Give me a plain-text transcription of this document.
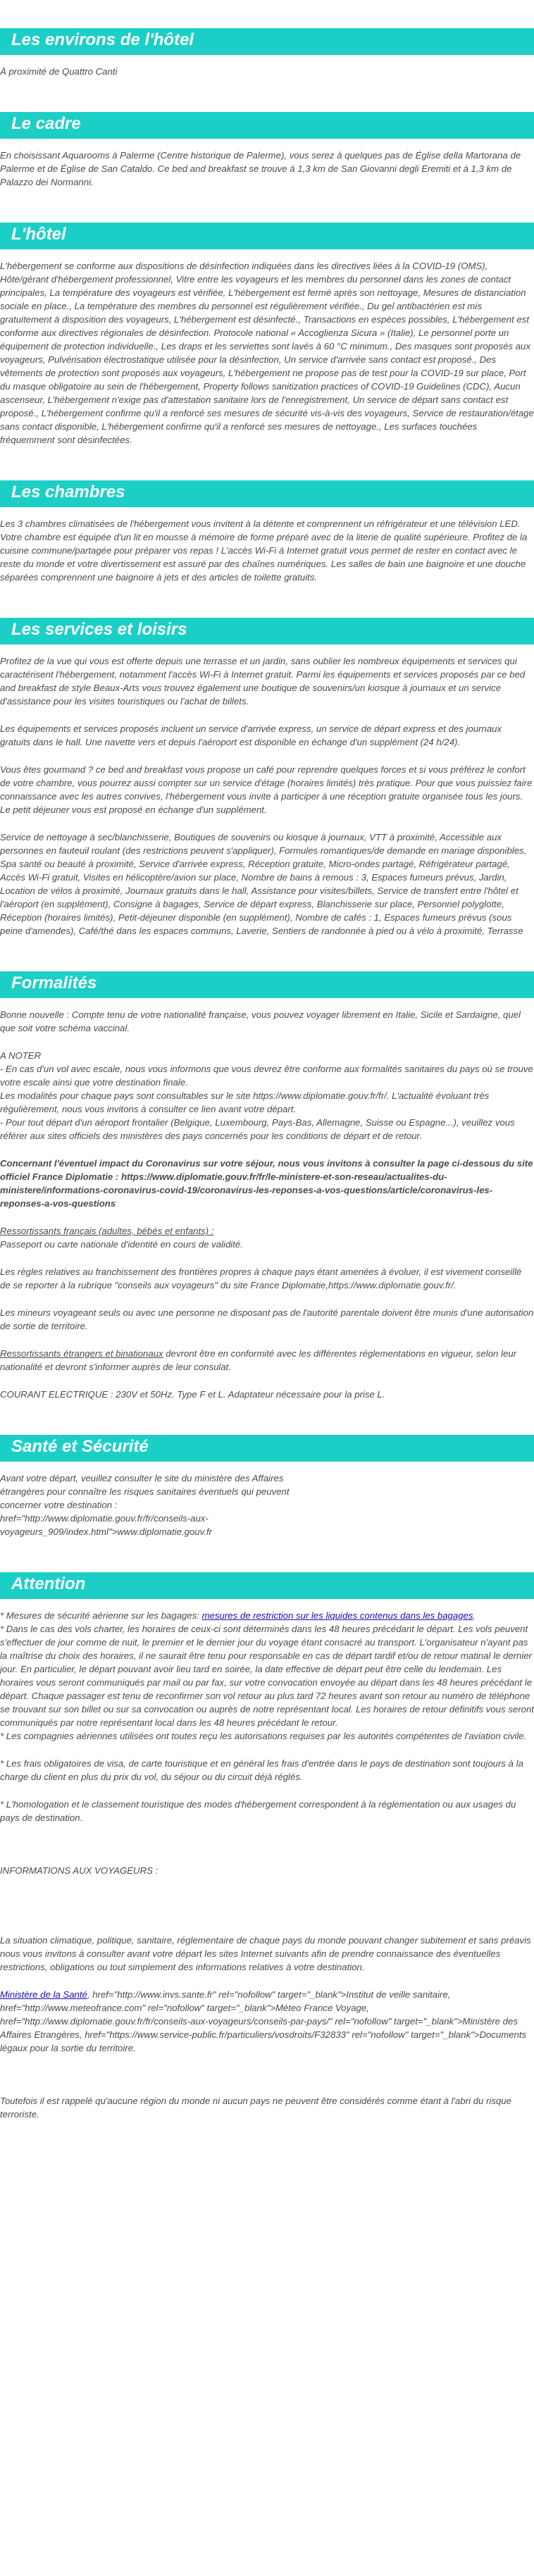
Les environs de l'hôtel

À proximité de Quattro Canti

Le cadre

En choisissant Aquarooms à Palerme (Centre historique de Palerme), vous serez à quelques pas de Église della Martorana de Palerme et de Église de San Cataldo. Ce bed and breakfast se trouve à 1,3 km de San Giovanni degli Eremiti et à 1,3 km de Palazzo dei Normanni.

L'hôtel

L'hébergement se conforme aux dispositions de désinfection indiquées dans les directives liées à la COVID-19 (OMS), Hôte/gérant d'hébergement professionnel, Vitre entre les voyageurs et les membres du personnel dans les zones de contact principales, La température des voyageurs est vérifiée, L'hébergement est fermé après son nettoyage, Mesures de distanciation sociale en place., La température des membres du personnel est régulièrement vérifiée., Du gel antibactérien est mis gratuitement à disposition des voyageurs, L'hébergement est désinfecté., Transactions en espèces possibles, L'hébergement est conforme aux directives régionales de désinfection. Protocole national « Accoglienza Sicura » (Italie), Le personnel porte un équipement de protection individuelle., Les draps et les serviettes sont lavés à 60 °C minimum., Des masques sont proposés aux voyageurs, Pulvérisation électrostatique utilisée pour la désinfection, Un service d'arrivée sans contact est proposé., Des vêtements de protection sont proposés aux voyageurs, L'hébergement ne propose pas de test pour la COVID-19 sur place, Port du masque obligatoire au sein de l'hébergement, Property follows sanitization practices of COVID-19 Guidelines (CDC), Aucun ascenseur, L'hébergement n'exige pas d'attestation sanitaire lors de l'enregistrement, Un service de départ sans contact est proposé., L'hébergement confirme qu'il a renforcé ses mesures de sécurité vis-à-vis des voyageurs, Service de restauration/étage sans contact disponible, L'hébergement confirme qu'il a renforcé ses mesures de nettoyage., Les surfaces touchées fréquemment sont désinfectées.

Les chambres

Les 3 chambres climatisées de l'hébergement vous invitent à la détente et comprennent un réfrigérateur et une télévision LED. Votre chambre est équipée d'un lit en mousse à mémoire de forme préparé avec de la literie de qualité supérieure. Profitez de la cuisine commune/partagée pour préparer vos repas ! L'accès Wi-Fi à Internet gratuit vous permet de rester en contact avec le reste du monde et votre divertissement est assuré par des chaînes numériques. Les salles de bain une baignoire et une douche séparées comprennent une baignoire à jets et des articles de toilette gratuits.

Les services et loisirs

Profitez de la vue qui vous est offerte depuis une terrasse et un jardin, sans oublier les nombreux équipements et services qui caractérisent l'hébergement, notamment l'accès Wi-Fi à Internet gratuit. Parmi les équipements et services proposés par ce bed and breakfast de style Beaux-Arts vous trouvez également une boutique de souvenirs/un kiosque à journaux et un service d'assistance pour les visites touristiques ou l'achat de billets.

Les équipements et services proposés incluent un service d'arrivée express, un service de départ express et des journaux gratuits dans le hall. Une navette vers et depuis l'aéroport est disponible en échange d'un supplément (24 h/24).

Vous êtes gourmand ? ce bed and breakfast vous propose un café pour reprendre quelques forces et si vous préférez le confort de votre chambre, vous pourrez aussi compter sur un service d'étage (horaires limités) très pratique. Pour que vous puissiez faire connaissance avec les autres convives, l'hébergement vous invite à participer à une réception gratuite organisée tous les jours. Le petit déjeuner vous est proposé en échange d'un supplément.

Service de nettoyage à sec/blanchisserie, Boutiques de souvenirs ou kiosque à journaux, VTT à proximité, Accessible aux personnes en fauteuil roulant (des restrictions peuvent s'appliquer), Formules romantiques/de demande en mariage disponibles, Spa santé ou beauté à proximité, Service d'arrivée express, Réception gratuite, Micro-ondes partagé, Réfrigérateur partagé, Accès Wi-Fi gratuit, Visites en hélicoptère/avion sur place, Nombre de bains à remous : 3, Espaces fumeurs prévus, Jardin, Location de vélos à proximité, Journaux gratuits dans le hall, Assistance pour visites/billets, Service de transfert entre l'hôtel et l'aéroport (en supplément), Consigne à bagages, Service de départ express, Blanchisserie sur place, Personnel polyglotte, Réception (horaires limités), Petit-déjeuner disponible (en supplément), Nombre de cafés : 1, Espaces fumeurs prévus (sous peine d'amendes), Café/thé dans les espaces communs, Laverie, Sentiers de randonnée à pied ou à vélo à proximité, Terrasse

Formalités

Bonne nouvelle : Compte tenu de votre nationalité française, vous pouvez voyager librement en Italie, Sicile et Sardaigne, quel que soit votre schéma vaccinal.

A NOTER

- En cas d'un vol avec escale, nous vous informons que vous devrez être conforme aux formalités sanitaires du pays où se trouve votre escale ainsi que votre destination finale.

Les modalités pour chaque pays sont consultables sur le site https://www.diplomatie.gouv.fr/fr/. L'actualité évoluant très régulièrement, nous vous invitons à consulter ce lien avant votre départ.

- Pour tout départ d'un aéroport frontalier (Belgique, Luxembourg, Pays-Bas, Allemagne, Suisse ou Espagne...), veuillez vous référer aux sites officiels des ministères des pays concernés pour les conditions de départ et de retour.

Concernant l'éventuel impact du Coronavirus sur votre séjour, nous vous invitons à consulter la page ci-dessous du site officiel France Diplomatie : https://www.diplomatie.gouv.fr/fr/le-ministere-et-son-reseau/actualites-du-ministere/informations-coronavirus-covid-19/coronavirus-les-reponses-a-vos-questions/article/coronavirus-les-reponses-a-vos-questions

Ressortissants français (adultes, bébés et enfants) :
Passeport ou carte nationale d'identité en cours de validité.

Les règles relatives au franchissement des frontières propres à chaque pays étant amenées à évoluer, il est vivement conseillé de se reporter à la rubrique "conseils aux voyageurs" du site France Diplomatie,https://www.diplomatie.gouv.fr/.

Les mineurs voyageant seuls ou avec une personne ne disposant pas de l'autorité parentale doivent être munis d'une autorisation de sortie de territoire.

Ressortissants étrangers et binationaux devront être en conformité avec les différentes réglementations en vigueur, selon leur nationalité et devront s'informer auprès de leur consulat.

COURANT ELECTRIQUE : 230V et 50Hz. Type F et L. Adaptateur nécessaire pour la prise L.

Santé et Sécurité

Avant votre départ, veuillez consulter le site du ministère des Affaires étrangères pour connaître les risques sanitaires éventuels qui peuvent concerner votre destination : href="http://www.diplomatie.gouv.fr/fr/conseils-aux-voyageurs_909/index.html">www.diplomatie.gouv.fr

Attention

* Mesures de sécurité aérienne sur les bagages: mesures de restriction sur les liquides contenus dans les bagages.

* Dans le cas des vols charter, les horaires de ceux-ci sont déterminés dans les 48 heures précédant le départ. Les vols peuvent s'effectuer de jour comme de nuit, le premier et le dernier jour du voyage étant consacré au transport. L'organisateur n'ayant pas la maîtrise du choix des horaires, il ne saurait être tenu pour responsable en cas de départ tardif et/ou de retour matinal le dernier jour. En particulier, le départ pouvant avoir lieu tard en soirée, la date effective de départ peut être celle du lendemain. Les horaires vous seront communiqués par mail ou par fax, sur votre convocation envoyée au départ dans les 48 heures précédant le départ. Chaque passager est tenu de reconfirmer son vol retour au plus tard 72 heures avant son retour au numéro de téléphone se trouvant sur son billet ou sur sa convocation ou auprès de notre représentant local. Les horaires de retour définitifs vous seront communiqués par notre représentant local dans les 48 heures précédant le retour.

* Les compagnies aériennes utilisées ont toutes reçu les autorisations requises par les autorités compétentes de l'aviation civile.

* Les frais obligatoires de visa, de carte touristique et en général les frais d'entrée dans le pays de destination sont toujours à la charge du client en plus du prix du vol, du séjour ou du circuit déjà réglés.

* L'homologation et le classement touristique des modes d'hébergement correspondent à la réglementation ou aux usages du pays de destination.

INFORMATIONS AUX VOYAGEURS :

La situation climatique, politique, sanitaire, réglementaire de chaque pays du monde pouvant changer subitement et sans préavis nous vous invitons à consulter avant votre départ les sites Internet suivants afin de prendre connaissance des éventuelles restrictions, obligations ou tout simplement des informations relatives à votre destination.

Ministère de la Santé, href="http://www.invs.sante.fr" rel="nofollow" target="_blank">Institut de veille sanitaire, href="http://www.meteofrance.com" rel="nofollow" target="_blank">Méteo France Voyage, href="http://www.diplomatie.gouv.fr/fr/conseils-aux-voyageurs/conseils-par-pays/" rel="nofollow" target="_blank">Ministère des Affaires Etrangères, href="https://www.service-public.fr/particuliers/vosdroits/F32833" rel="nofollow" target="_blank">Documents légaux pour la sortie du territoire.

Toutefois il est rappelé qu'aucune région du monde ni aucun pays ne peuvent être considérés comme étant à l'abri du risque terroriste.
